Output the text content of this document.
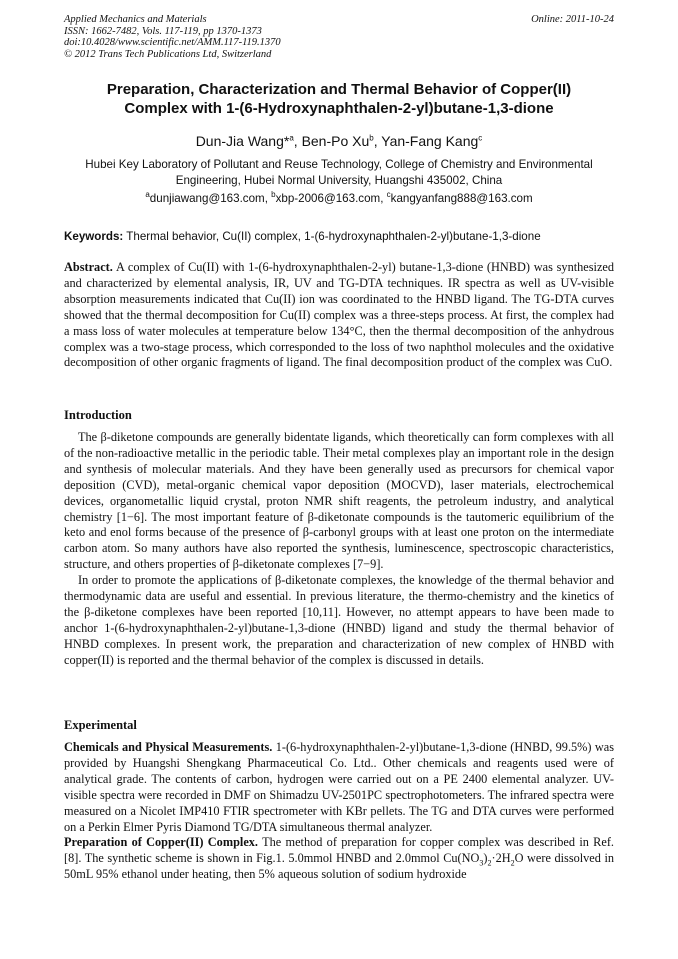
Applied Mechanics and Materials
ISSN: 1662-7482, Vols. 117-119, pp 1370-1373
doi:10.4028/www.scientific.net/AMM.117-119.1370
© 2012 Trans Tech Publications Ltd, Switzerland
Online: 2011-10-24
Preparation, Characterization and Thermal Behavior of Copper(II)
Complex with 1-(6-Hydroxynaphthalen-2-yl)butane-1,3-dione
Dun-Jia Wang*$^a$, Ben-Po Xu$^b$, Yan-Fang Kang$^c$
Hubei Key Laboratory of Pollutant and Reuse Technology, College of Chemistry and Environmental
Engineering, Hubei Normal University, Huangshi 435002, China
$^a$dunjiawang@163.com, $^b$xbp-2006@163.com, $^c$kangyanfang888@163.com
Keywords: Thermal behavior, Cu(II) complex, 1-(6-hydroxynaphthalen-2-yl)butane-1,3-dione
Abstract. A complex of Cu(II) with 1-(6-hydroxynaphthalen-2-yl) butane-1,3-dione (HNBD) was synthesized and characterized by elemental analysis, IR, UV and TG-DTA techniques. IR spectra as well as UV-visible absorption measurements indicated that Cu(II) ion was coordinated to the HNBD ligand. The TG-DTA curves showed that the thermal decomposition for Cu(II) complex was a three-steps process. At first, the complex had a mass loss of water molecules at temperature below 134°C, then the thermal decomposition of the anhydrous complex was a two-stage process, which corresponded to the loss of two naphthol molecules and the oxidative decomposition of other organic fragments of ligand. The final decomposition product of the complex was CuO.
Introduction

The β-diketone compounds are generally bidentate ligands, which theoretically can form complexes with all of the non-radioactive metallic in the periodic table. Their metal complexes play an important role in the design and synthesis of molecular materials. And they have been generally used as precursors for chemical vapor deposition (CVD), metal-organic chemical vapor deposition (MOCVD), laser materials, electrochemical devices, organometallic liquid crystal, proton NMR shift reagents, the petroleum industry, and analytical chemistry [1−6]. The most important feature of β-diketonate compounds is the tautomeric equilibrium of the keto and enol forms because of the presence of β-carbonyl groups with at least one proton on the intermediate carbon atom. So many authors have also reported the synthesis, luminescence, spectroscopic characteristics, structure, and others properties of β-diketonate complexes [7−9].

In order to promote the applications of β-diketonate complexes, the knowledge of the thermal behavior and thermodynamic data are useful and essential. In previous literature, the thermo-chemistry and the kinetics of the β-diketone complexes have been reported [10,11]. However, no attempt appears to have been made to anchor 1-(6-hydroxynaphthalen-2-yl)butane-1,3-dione (HNBD) ligand and study the thermal behavior of HNBD complexes. In present work, the preparation and characterization of new complex of HNBD with copper(II) is reported and the thermal behavior of the complex is discussed in details.

Experimental

Chemicals and Physical Measurements. 1-(6-hydroxynaphthalen-2-yl)butane-1,3-dione (HNBD, 99.5%) was provided by Huangshi Shengkang Pharmaceutical Co. Ltd.. Other chemicals and reagents used were of analytical grade. The contents of carbon, hydrogen were carried out on a PE 2400 elemental analyzer. UV-visible spectra were recorded in DMF on Shimadzu UV-2501PC spectrophotometers. The infrared spectra were measured on a Nicolet IMP410 FTIR spectrometer with KBr pellets. The TG and DTA curves were performed on a Perkin Elmer Pyris Diamond TG/DTA simultaneous thermal analyzer.

Preparation of Copper(II) Complex. The method of preparation for copper complex was described in Ref. [8]. The synthetic scheme is shown in Fig.1. 5.0mmol HNBD and 2.0mmol $Cu(NO_3)_2\cdot 2H_2O$ were dissolved in 50mL 95% ethanol under heating, then 5% aqueous solution of sodium hydroxide
